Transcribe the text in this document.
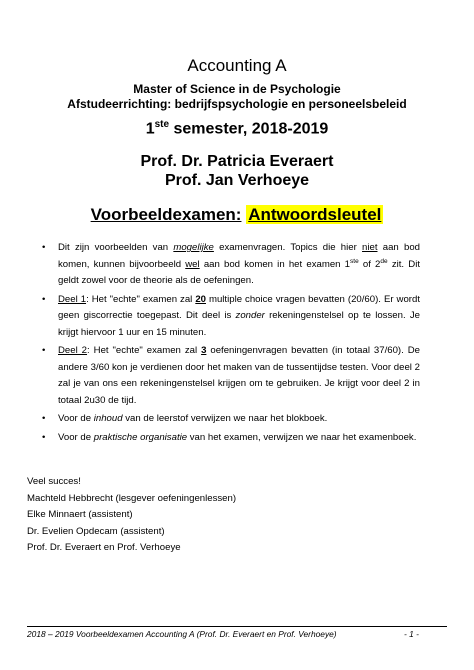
Accounting A
Master of Science in de Psychologie
Afstudeerrichting: bedrijfspsychologie en personeelsbeleid
1ste semester, 2018-2019
Prof. Dr. Patricia Everaert
Prof. Jan Verhoeye
Voorbeeldexamen: Antwoordsleutel
• Dit zijn voorbeelden van mogelijke examenvragen. Topics die hier niet aan bod komen, kunnen bijvoorbeeld wel aan bod komen in het examen 1ste of 2de zit. Dit geldt zowel voor de theorie als de oefeningen.
• Deel 1: Het "echte" examen zal 20 multiple choice vragen bevatten (20/60). Er wordt geen giscorrectie toegepast. Dit deel is zonder rekeningenstelsel op te lossen. Je krijgt hiervoor 1 uur en 15 minuten.
• Deel 2: Het "echte" examen zal 3 oefeningenvragen bevatten (in totaal 37/60). De andere 3/60 kon je verdienen door het maken van de tussentijdse testen. Voor deel 2 zal je van ons een rekeningenstelsel krijgen om te gebruiken. Je krijgt voor deel 2 in totaal 2u30 de tijd.
• Voor de inhoud van de leerstof verwijzen we naar het blokboek.
• Voor de praktische organisatie van het examen, verwijzen we naar het examenboek.
Veel succes!
Machteld Hebbrecht (lesgever oefeningenlessen)
Elke Minnaert (assistent)
Dr. Evelien Opdecam (assistent)
Prof. Dr. Everaert en Prof. Verhoeye
2018 – 2019 Voorbeeldexamen Accounting A (Prof. Dr. Everaert en Prof. Verhoeye)	- 1 -
